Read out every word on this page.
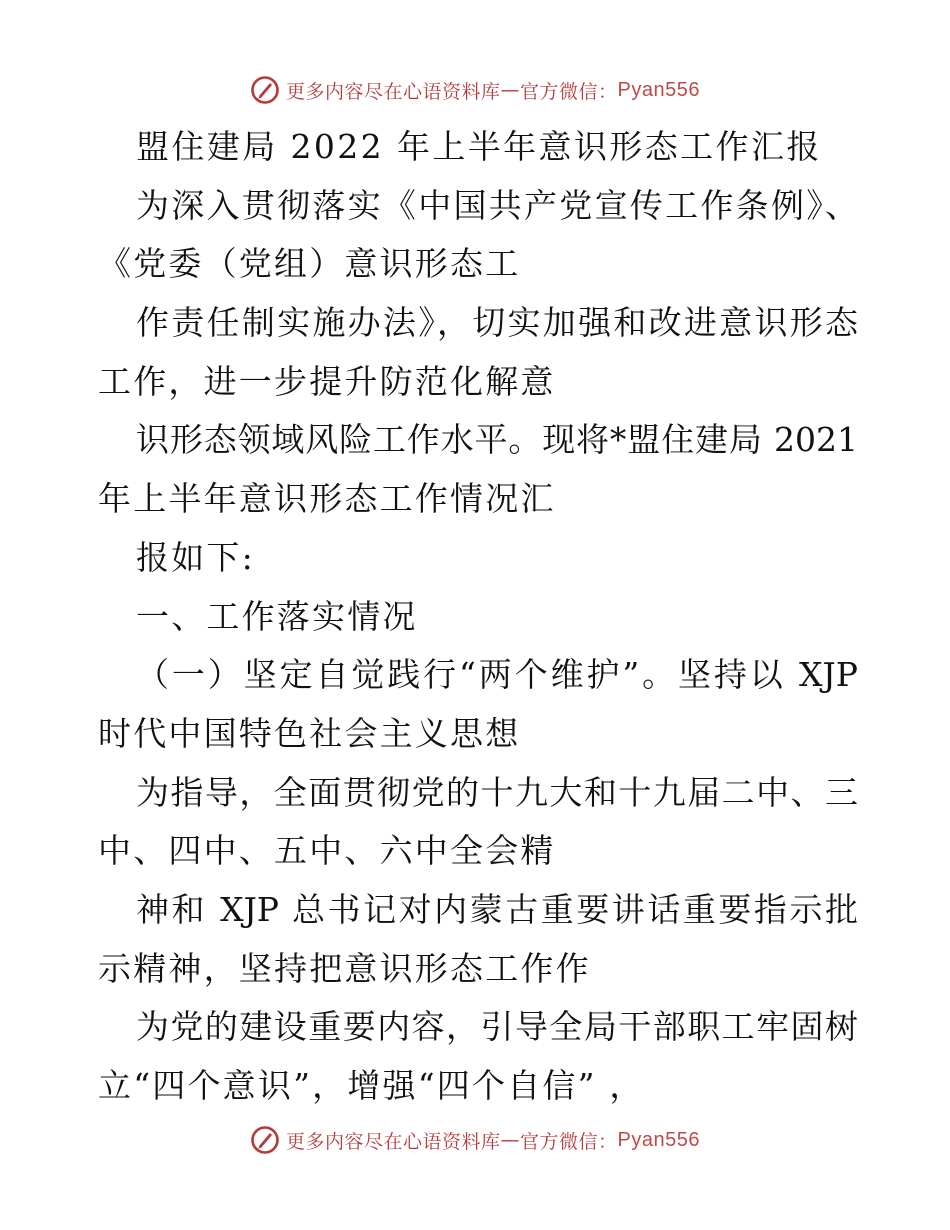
更多内容尽在心语资料库 — 官方微信： Pyan556
盟住建局 2022 年上半年意识形态工作汇报
为深入贯彻落实《中国共产党宣传工作条例》、
《党委（党组）意识形态工
作责任制实施办法》，切实加强和改进意识形态
工作，进一步提升防范化解意
识形态领域风险工作水平。现将*盟住建局 2021
年上半年意识形态工作情况汇
报如下:
一、工作落实情况
（一）坚定自觉践行“两个维护”。坚持以 XJP
时代中国特色社会主义思想
为指导，全面贯彻党的十九大和十九届二中、三
中、四中、五中、六中全会精
神和 XJP 总书记对内蒙古重要讲话重要指示批
示精神，坚持把意识形态工作作
为党的建设重要内容，引导全局干部职工牢固树
立“四个意识”，增强“四个自信” ，
更多内容尽在心语资料库 — 官方微信： Pyan556
